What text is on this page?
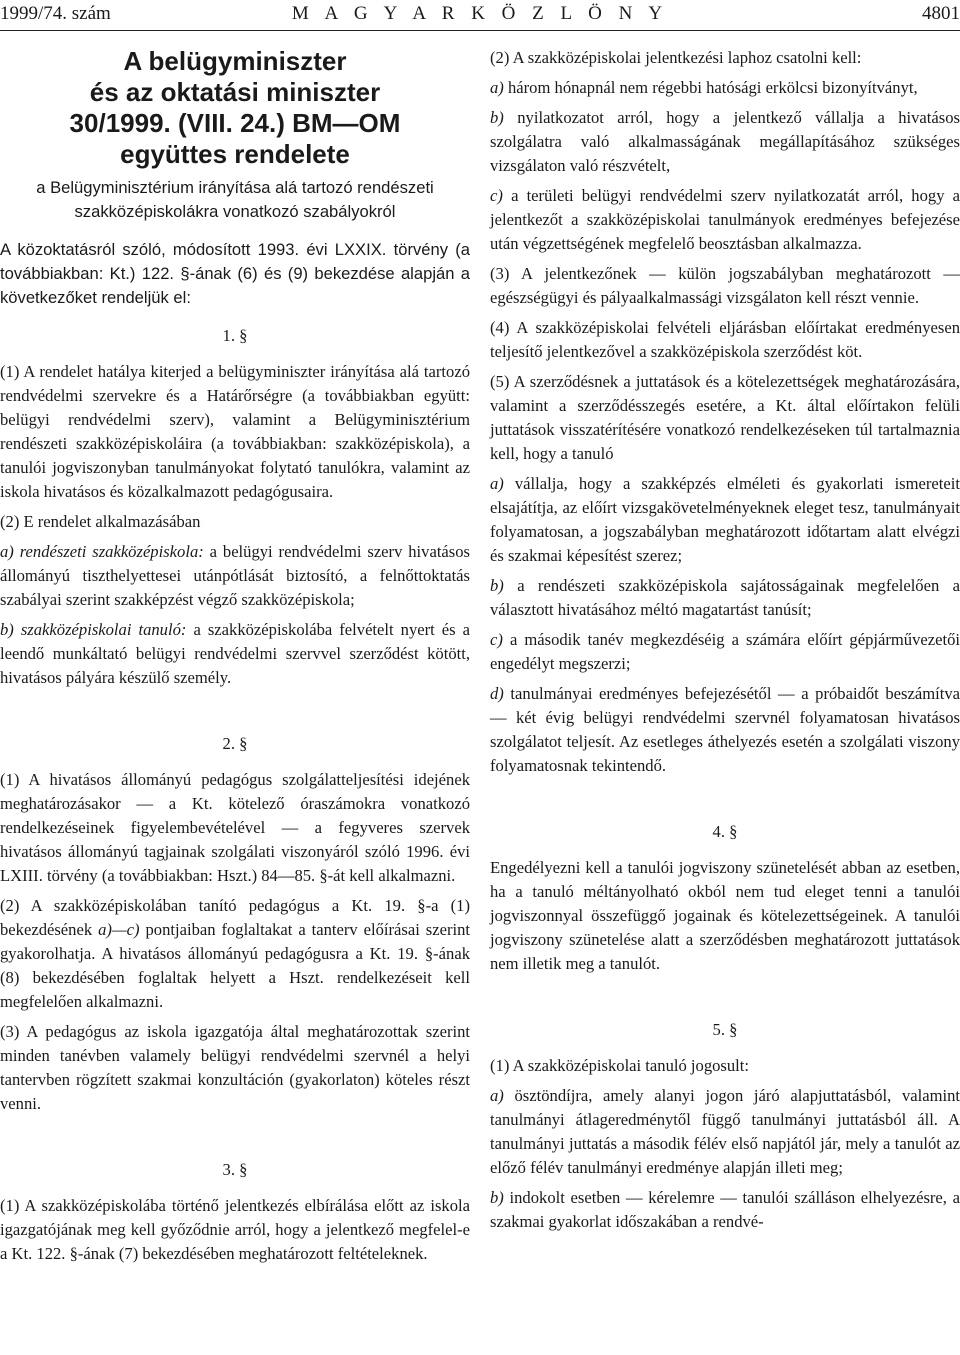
1999/74. szám	M A G Y A R K Ö Z L Ö N Y	4801
A belügyminiszter
és az oktatási miniszter
30/1999. (VIII. 24.) BM—OM
együttes rendelete
a Belügyminisztérium irányítása alá tartozó rendészeti szakközépiskolákra vonatkozó szabályokról
A közoktatásról szóló, módosított 1993. évi LXXIX. törvény (a továbbiakban: Kt.) 122. §-ának (6) és (9) bekezdése alapján a következőket rendeljük el:
1. §

(1) A rendelet hatálya kiterjed a belügyminiszter irányítása alá tartozó rendvédelmi szervekre és a Határőrségre (a továbbiakban együtt: belügyi rendvédelmi szerv), valamint a Belügyminisztérium rendészeti szakközépiskoláira (a továbbiakban: szakközépiskola), a tanulói jogviszonyban tanulmányokat folytató tanulókra, valamint az iskola hivatásos és közalkalmazott pedagógusaira.

(2) E rendelet alkalmazásában

a) rendészeti szakközépiskola: a belügyi rendvédelmi szerv hivatásos állományú tiszthelyettesei utánpótlását biztosító, a felnőttoktatás szabályai szerint szakképzést végző szakközépiskola;

b) szakközépiskolai tanuló: a szakközépiskolába felvételt nyert és a leendő munkáltató belügyi rendvédelmi szervvel szerződést kötött, hivatásos pályára készülő személy.

2. §

(1) A hivatásos állományú pedagógus szolgálatteljesítési idejének meghatározásakor — a Kt. kötelező óraszámokra vonatkozó rendelkezéseinek figyelembevételével — a fegyveres szervek hivatásos állományú tagjainak szolgálati viszonyáról szóló 1996. évi LXIII. törvény (a továbbiakban: Hszt.) 84—85. §-át kell alkalmazni.

(2) A szakközépiskolában tanító pedagógus a Kt. 19. §-a (1) bekezdésének a)—c) pontjaiban foglaltakat a tanterv előírásai szerint gyakorolhatja. A hivatásos állományú pedagógusra a Kt. 19. §-ának (8) bekezdésében foglaltak helyett a Hszt. rendelkezéseit kell megfelelően alkalmazni.

(3) A pedagógus az iskola igazgatója által meghatározottak szerint minden tanévben valamely belügyi rendvédelmi szervnél a helyi tantervben rögzített szakmai konzultáción (gyakorlaton) köteles részt venni.

3. §

(1) A szakközépiskolába történő jelentkezés elbírálása előtt az iskola igazgatójának meg kell győződnie arról, hogy a jelentkező megfelel-e a Kt. 122. §-ának (7) bekezdésében meghatározott feltételeknek.

(2) A szakközépiskolai jelentkezési laphoz csatolni kell:

a) három hónapnál nem régebbi hatósági erkölcsi bizonyítványt,

b) nyilatkozatot arról, hogy a jelentkező vállalja a hivatásos szolgálatra való alkalmasságának megállapításához szükséges vizsgálaton való részvételt,

c) a területi belügyi rendvédelmi szerv nyilatkozatát arról, hogy a jelentkezőt a szakközépiskolai tanulmányok eredményes befejezése után végzettségének megfelelő beosztásban alkalmazza.

(3) A jelentkezőnek — külön jogszabályban meghatározott — egészségügyi és pályaalkalmassági vizsgálaton kell részt vennie.

(4) A szakközépiskolai felvételi eljárásban előírtakat eredményesen teljesítő jelentkezővel a szakközépiskola szerződést köt.

(5) A szerződésnek a juttatások és a kötelezettségek meghatározására, valamint a szerződésszegés esetére, a Kt. által előírtakon felüli juttatások visszatérítésére vonatkozó rendelkezéseken túl tartalmaznia kell, hogy a tanuló

a) vállalja, hogy a szakképzés elméleti és gyakorlati ismereteit elsajátítja, az előírt vizsgakövetelményeknek eleget tesz, tanulmányait folyamatosan, a jogszabályban meghatározott időtartam alatt elvégzi és szakmai képesítést szerez;

b) a rendészeti szakközépiskola sajátosságainak megfelelően a választott hivatásához méltó magatartást tanúsít;

c) a második tanév megkezdéséig a számára előírt gépjárművezetői engedélyt megszerzi;

d) tanulmányai eredményes befejezésétől — a próbaidőt beszámítva — két évig belügyi rendvédelmi szervnél folyamatosan hivatásos szolgálatot teljesít. Az esetleges áthelyezés esetén a szolgálati viszony folyamatosnak tekintendő.

4. §

Engedélyezni kell a tanulói jogviszony szünetelését abban az esetben, ha a tanuló méltányolható okból nem tud eleget tenni a tanulói jogviszonnyal összefüggő jogainak és kötelezettségeinek. A tanulói jogviszony szünetelése alatt a szerződésben meghatározott juttatások nem illetik meg a tanulót.

5. §

(1) A szakközépiskolai tanuló jogosult:

a) ösztöndíjra, amely alanyi jogon járó alapjuttatásból, valamint tanulmányi átlageredménytől függő tanulmányi juttatásból áll. A tanulmányi juttatás a második félév első napjától jár, mely a tanulót az előző félév tanulmányi eredménye alapján illeti meg;

b) indokolt esetben — kérelemre — tanulói szálláson elhelyezésre, a szakmai gyakorlat időszakában a rendvé-
